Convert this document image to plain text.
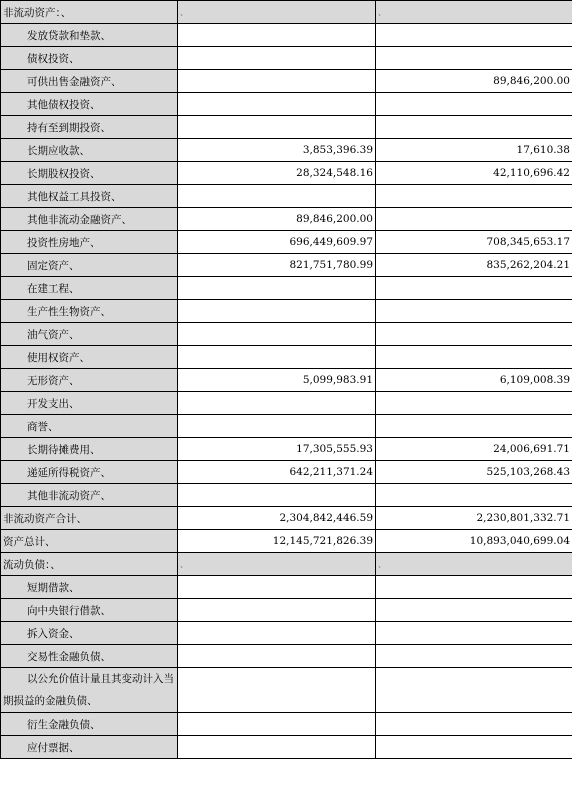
非流动资产：、	、	、
发放贷款和垫款、		
债权投资、		
可供出售金融资产、		89,846,200.00
其他债权投资、		
持有至到期投资、		
长期应收款、	3,853,396.39	17,610.38
长期股权投资、	28,324,548.16	42,110,696.42
其他权益工具投资、		
其他非流动金融资产、	89,846,200.00	
投资性房地产、	696,449,609.97	708,345,653.17
固定资产、	821,751,780.99	835,262,204.21
在建工程、		
生产性生物资产、		
油气资产、		
使用权资产、		
无形资产、	5,099,983.91	6,109,008.39
开发支出、		
商誉、		
长期待摊费用、	17,305,555.93	24,006,691.71
递延所得税资产、	642,211,371.24	525,103,268.43
其他非流动资产、		
非流动资产合计、	2,304,842,446.59	2,230,801,332.71
资产总计、	12,145,721,826.39	10,893,040,699.04
流动负债：、	、	、
短期借款、		
向中央银行借款、		
拆入资金、		
交易性金融负债、		
以公允价值计量且其变动计入当
期损益的金融负债、		
衍生金融负债、		
应付票据、		
